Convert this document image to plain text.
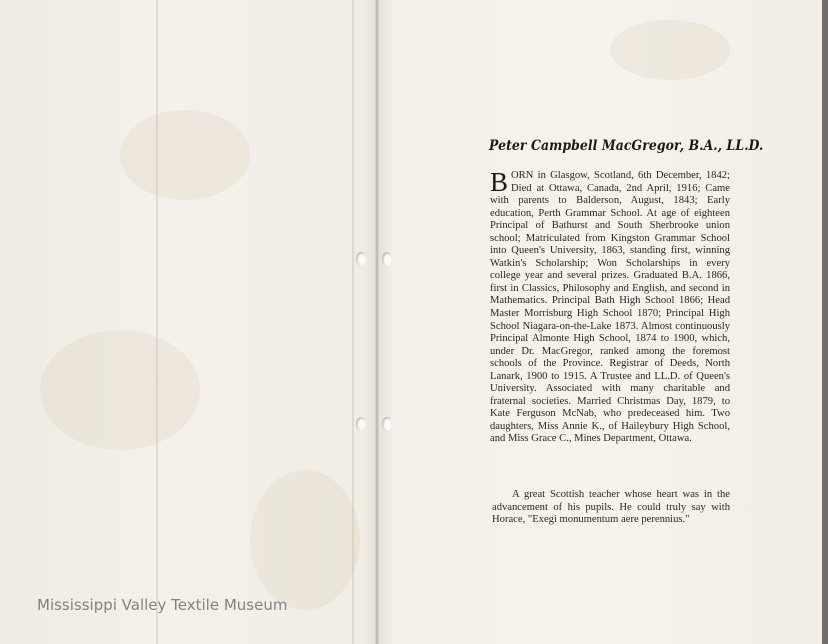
Peter Campbell MacGregor, B.A., LL.D.

BORN in Glasgow, Scotland, 6th December, 1842; Died at Ottawa, Canada, 2nd April, 1916; Came with parents to Balderson, August, 1843; Early education, Perth Grammar School. At age of eighteen Principal of Bathurst and South Sherbrooke union school; Matriculated from Kingston Grammar School into Queen's University, 1863, standing first, winning Watkin's Scholarship; Won Scholarships in every college year and several prizes. Graduated B.A. 1866, first in Classics, Philosophy and English, and second in Mathematics. Principal Bath High School 1866; Head Master Morrisburg High School 1870; Principal High School Niagara-on-the-Lake 1873. Almost continuously Principal Almonte High School, 1874 to 1900, which, under Dr. MacGregor, ranked among the foremost schools of the Province. Registrar of Deeds, North Lanark, 1900 to 1915. A Trustee and LL.D. of Queen's University. Associated with many charitable and fraternal societies. Married Christmas Day, 1879, to Kate Ferguson McNab, who predeceased him. Two daughters, Miss Annie K., of Haileybury High School, and Miss Grace C., Mines Department, Ottawa.

A great Scottish teacher whose heart was in the advancement of his pupils. He could truly say with Horace, "Exegi monumentum aere perennius."

Mississippi Valley Textile Museum
